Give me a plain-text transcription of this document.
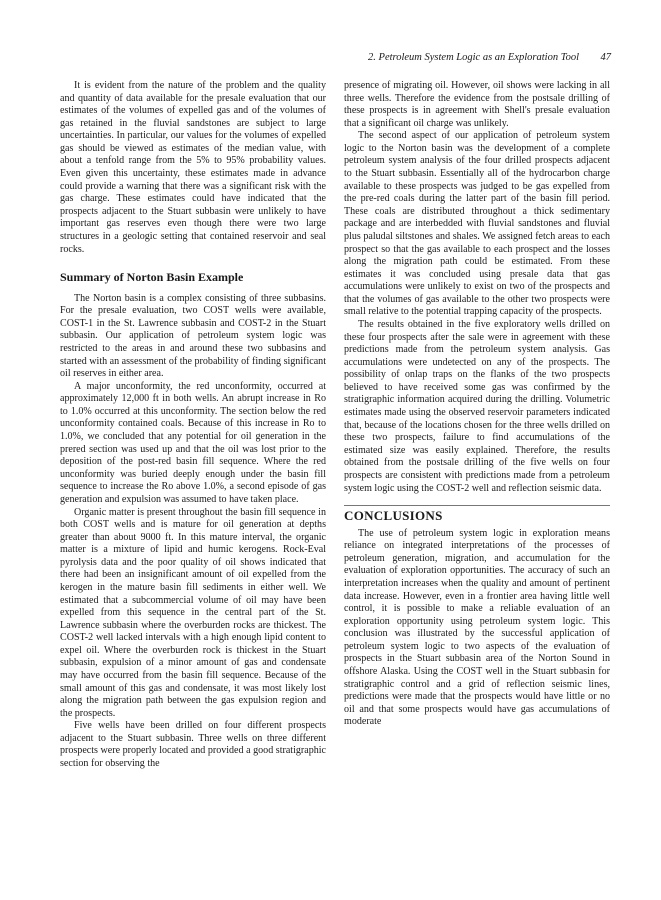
2. Petroleum System Logic as an Exploration Tool 47

It is evident from the nature of the problem and the quality and quantity of data available for the presale evaluation that our estimates of the volumes of expelled gas and of the volumes of gas retained in the fluvial sandstones are subject to large uncertainties. In particular, our values for the volumes of expelled gas should be viewed as estimates of the median value, with about a tenfold range from the 5% to 95% probability values. Even given this uncertainty, these estimates made in advance could provide a warning that there was a significant risk with the gas charge. These estimates could have indicated that the prospects adjacent to the Stuart subbasin were unlikely to have important gas reserves even though there were two large structures in a geologic setting that contained reservoir and seal rocks.

Summary of Norton Basin Example

The Norton basin is a complex consisting of three subbasins. For the presale evaluation, two COST wells were available, COST-1 in the St. Lawrence subbasin and COST-2 in the Stuart subbasin. Our application of petroleum system logic was restricted to the areas in and around these two subbasins and started with an assessment of the probability of finding significant oil reserves in either area.

A major unconformity, the red unconformity, occurred at approximately 12,000 ft in both wells. An abrupt increase in Ro to 1.0% occurred at this unconformity. The section below the red unconformity contained coals. Because of this increase in Ro to 1.0%, we concluded that any potential for oil generation in the prered section was used up and that the oil was lost prior to the deposition of the post-red basin fill sequence. Where the red unconformity was buried deeply enough under the basin fill sequence to increase the Ro above 1.0%, a second episode of gas generation and expulsion was assumed to have taken place.

Organic matter is present throughout the basin fill sequence in both COST wells and is mature for oil generation at depths greater than about 9000 ft. In this mature interval, the organic matter is a mixture of lipid and humic kerogens. Rock-Eval pyrolysis data and the poor quality of oil shows indicated that there had been an insignificant amount of oil expelled from the kerogen in the mature basin fill sediments in either well. We estimated that a subcommercial volume of oil may have been expelled from this sequence in the central part of the St. Lawrence subbasin where the overburden rocks are thickest. The COST-2 well lacked intervals with a high enough lipid content to expel oil. Where the overburden rock is thickest in the Stuart subbasin, expulsion of a minor amount of gas and condensate may have occurred from the basin fill sequence. Because of the small amount of this gas and condensate, it was most likely lost along the migration path between the gas expulsion region and the prospects.

Five wells have been drilled on four different prospects adjacent to the Stuart subbasin. Three wells on three different prospects were properly located and provided a good stratigraphic section for observing the

presence of migrating oil. However, oil shows were lacking in all three wells. Therefore the evidence from the postsale drilling of these prospects is in agreement with Shell's presale evaluation that a significant oil charge was unlikely.

The second aspect of our application of petroleum system logic to the Norton basin was the development of a complete petroleum system analysis of the four drilled prospects adjacent to the Stuart subbasin. Essentially all of the hydrocarbon charge available to these prospects was judged to be gas expelled from the pre-red coals during the latter part of the basin fill period. These coals are distributed throughout a thick sedimentary package and are interbedded with fluvial sandstones and fluvial plus paludal siltstones and shales. We assigned fetch areas to each prospect so that the gas available to each prospect and the losses along the migration path could be estimated. From these estimates it was concluded using presale data that gas accumulations were unlikely to exist on two of the prospects and that the volumes of gas available to the other two prospects were small relative to the potential trapping capacity of the prospects.

The results obtained in the five exploratory wells drilled on these four prospects after the sale were in agreement with these predictions made from the petroleum system analysis. Gas accumulations were undetected on any of the prospects. The possibility of onlap traps on the flanks of the two prospects believed to have received some gas was confirmed by the stratigraphic information acquired during the drilling. Volumetric estimates made using the observed reservoir parameters indicated that, because of the locations chosen for the three wells drilled on these two prospects, failure to find accumulations of the estimated size was easily explained. Therefore, the results obtained from the postsale drilling of the five wells on four prospects are consistent with predictions made from a petroleum system logic using the COST-2 well and reflection seismic data.

CONCLUSIONS

The use of petroleum system logic in exploration means reliance on integrated interpretations of the processes of petroleum generation, migration, and accumulation for the evaluation of exploration opportunities. The accuracy of such an interpretation increases when the quality and amount of pertinent data increase. However, even in a frontier area having little well control, it is possible to make a reliable evaluation of an exploration opportunity using petroleum system logic. This conclusion was illustrated by the successful application of petroleum system logic to two aspects of the evaluation of prospects in the Stuart subbasin area of the Norton Sound in offshore Alaska. Using the COST well in the Stuart subbasin for stratigraphic control and a grid of reflection seismic lines, predictions were made that the prospects would have little or no oil and that some prospects would have gas accumulations of moderate
